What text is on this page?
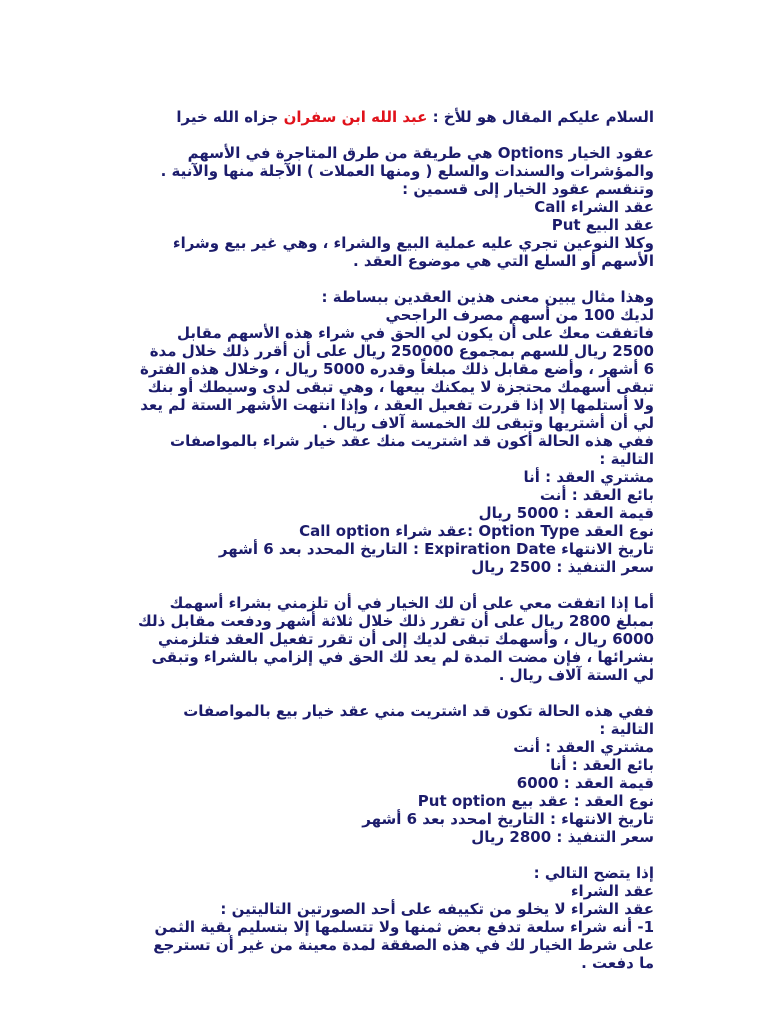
السلام عليكم المقال هو للأخ : عبد الله ابن سفران جزاه الله خيرا
عقود الخيار Options هي طريقة من طرق المتاجرة في الأسهم
والمؤشرات والسندات والسلع ( ومنها العملات ) الآجلة منها والآنية .
وتنقسم عقود الخيار إلى قسمين :
عقد الشراء Call
عقد البيع Put
وكلا النوعين تجري عليه عملية البيع والشراء ، وهي غير بيع وشراء
الأسهم أو السلع التي هي موضوع العقد .
وهذا مثال يبين معنى هذين العقدين ببساطة :
لديك 100 من أسهم مصرف الراجحي
فاتفقت معك على أن يكون لي الحق في شراء هذه الأسهم مقابل
2500 ريال للسهم بمجموع 250000 ريال على أن أقرر ذلك خلال مدة
6 أشهر ، وأضع مقابل ذلك مبلغاً وقدره 5000 ريال ، وخلال هذه الفترة
تبقى أسهمك محتجزة لا يمكنك بيعها ، وهي تبقى لدى وسيطك أو بنك
ولا أستلمها إلا إذا قررت تفعيل العقد ، وإذا انتهت الأشهر الستة لم يعد
لي أن أشتريها وتبقى لك الخمسة آلاف ريال .
ففي هذه الحالة أكون قد اشتريت منك عقد خيار شراء بالمواصفات
التالية :
مشتري العقد : أنا
بائع العقد : أنت
قيمة العقد : 5000 ريال
نوع العقد Option Type :عقد شراء Call option
تاريخ الانتهاء Expiration Date : التاريخ المحدد بعد 6 أشهر
سعر التنفيذ : 2500 ريال
أما إذا اتفقت معي على أن لك الخيار في أن تلزمني بشراء أسهمك
بمبلغ 2800 ريال على أن تقرر ذلك خلال ثلاثة أشهر ودفعت مقابل ذلك
6000 ريال ، وأسهمك تبقى لديك إلى أن تقرر تفعيل العقد فتلزمني
بشرائها ، فإن مضت المدة لم يعد لك الحق في إلزامي بالشراء وتبقى
لي الستة آلاف ريال .
ففي هذه الحالة تكون قد اشتريت مني عقد خيار بيع بالمواصفات
التالية :
مشتري العقد : أنت
بائع العقد : أنا
قيمة العقد : 6000
نوع العقد : عقد بيع Put option
تاريخ الانتهاء : التاريخ امحدد بعد 6 أشهر
سعر التنفيذ : 2800 ريال
إذا يتضح التالي :
عقد الشراء
عقد الشراء لا يخلو من تكييفه على أحد الصورتين التاليتين :
1- أنه شراء سلعة تدفع بعض ثمنها ولا تتسلمها إلا بتسليم بقية الثمن
على شرط الخيار لك في هذه الصفقة لمدة معينة من غير أن تسترجع
ما دفعت .
